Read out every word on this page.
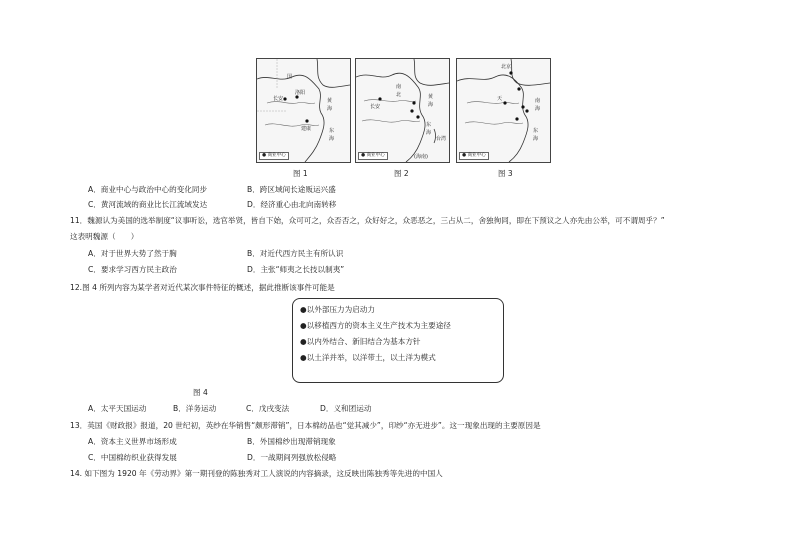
国
长安
洛阳
建康
黄
海
东
海
● 商业中心
图 1
长安
南
北	黄
海
东
海
台湾
● 商业中心	(海南)
图 2
北京
天	南
海
东
海
● 商业中心
图 3
A．商业中心与政治中心的变化同步	B．跨区域间长途贩运兴盛
C．黄河流域的商业比长江流域发达	D．经济重心由北向南转移
11．魏源认为美国的选举制度“议事听讼，选官举贤，皆自下始，众可可之，众否否之，众好好之，众恶恶之，三占从二，舍独徇同，即在下预议之人亦先由公举，可不谓周乎？”
这表明魏源（　　）
A．对于世界大势了然于胸	B．对近代西方民主有所认识
C．要求学习西方民主政治	D．主张“师夷之长技以制夷”
12.图 4 所列内容为某学者对近代某次事件特征的概述，据此推断该事件可能是
●以外部压力为启动力
●以移植西方的资本主义生产技术为主要途径
●以内外结合、新旧结合为基本方针
●以土洋并举，以洋带土，以土洋为模式
图 4
A．太平天国运动	B．洋务运动	C．戊戌变法	D．义和团运动
13．英国《财政报》报道，20 世纪初，英纱在华销售“颇形滞销”，日本棉纺品也“觉其减少”，印纱“亦无进步”。这一现象出现的主要原因是
A．资本主义世界市场形成	B．外国棉纱出现滞销现象
C．中国棉纺织业获得发展	D．一战期间列强放松侵略
14. 如下图为 1920 年《劳动界》第一期刊登的陈独秀对工人演说的内容摘录，这反映出陈独秀等先进的中国人
